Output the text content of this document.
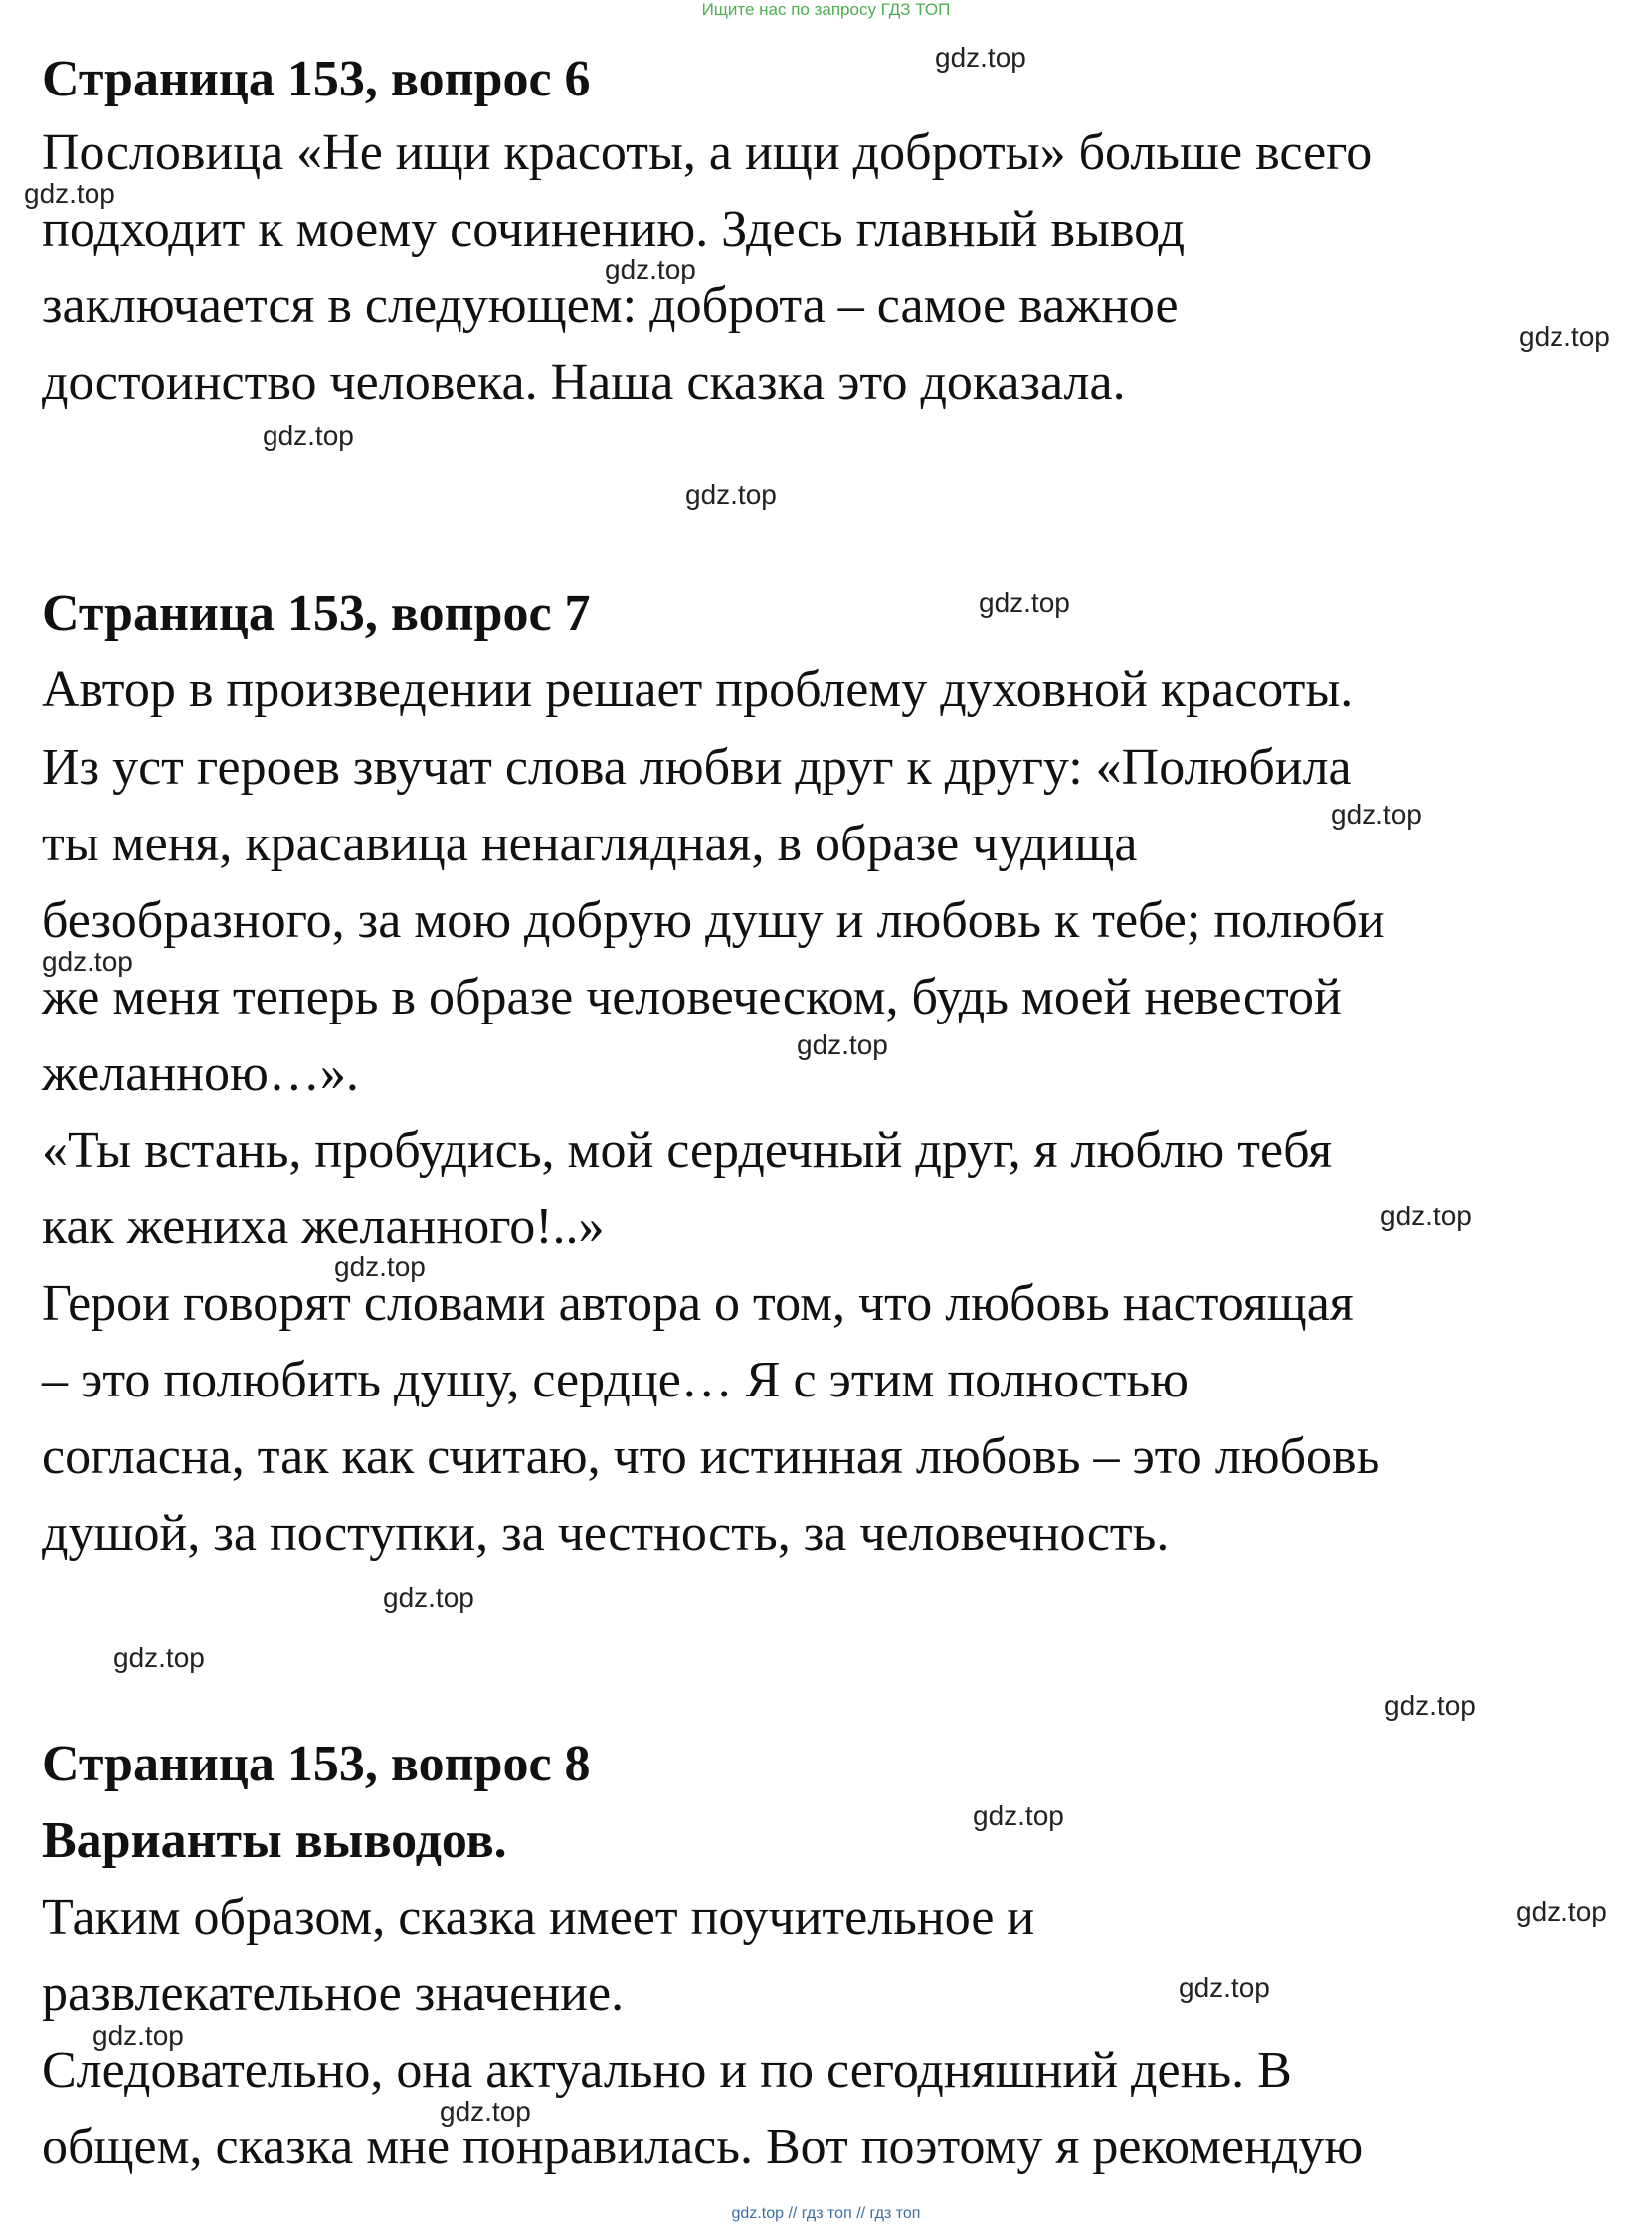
Ищите нас по запросу ГДЗ ТОП
Страница 153, вопрос 6
Пословица «Не ищи красоты, а ищи доброты» больше всего
подходит к моему сочинению. Здесь главный вывод
заключается в следующем: доброта – самое важное
достоинство человека. Наша сказка это доказала.
Страница 153, вопрос 7
Автор в произведении решает проблему духовной красоты.
Из уст героев звучат слова любви друг к другу: «Полюбила
ты меня, красавица ненаглядная, в образе чудища
безобразного, за мою добрую душу и любовь к тебе; полюби
же меня теперь в образе человеческом, будь моей невестой
желанною…».
«Ты встань, пробудись, мой сердечный друг, я люблю тебя
как жениха желанного!..»
Герои говорят словами автора о том, что любовь настоящая
– это полюбить душу, сердце… Я с этим полностью
согласна, так как считаю, что истинная любовь – это любовь
душой, за поступки, за честность, за человечность.
Страница 153, вопрос 8
Варианты выводов.
Таким образом, сказка имеет поучительное и
развлекательное значение.
Следовательно, она актуально и по сегодняшний день. В
общем, сказка мне понравилась. Вот поэтому я рекомендую
gdz.top
gdz.top
gdz.top
gdz.top
gdz.top
gdz.top
gdz.top
gdz.top
gdz.top
gdz.top
gdz.top
gdz.top
gdz.top
gdz.top
gdz.top
gdz.top
gdz.top
gdz.top
gdz.top
gdz.top
gdz.top // гдз топ // гдз топ
